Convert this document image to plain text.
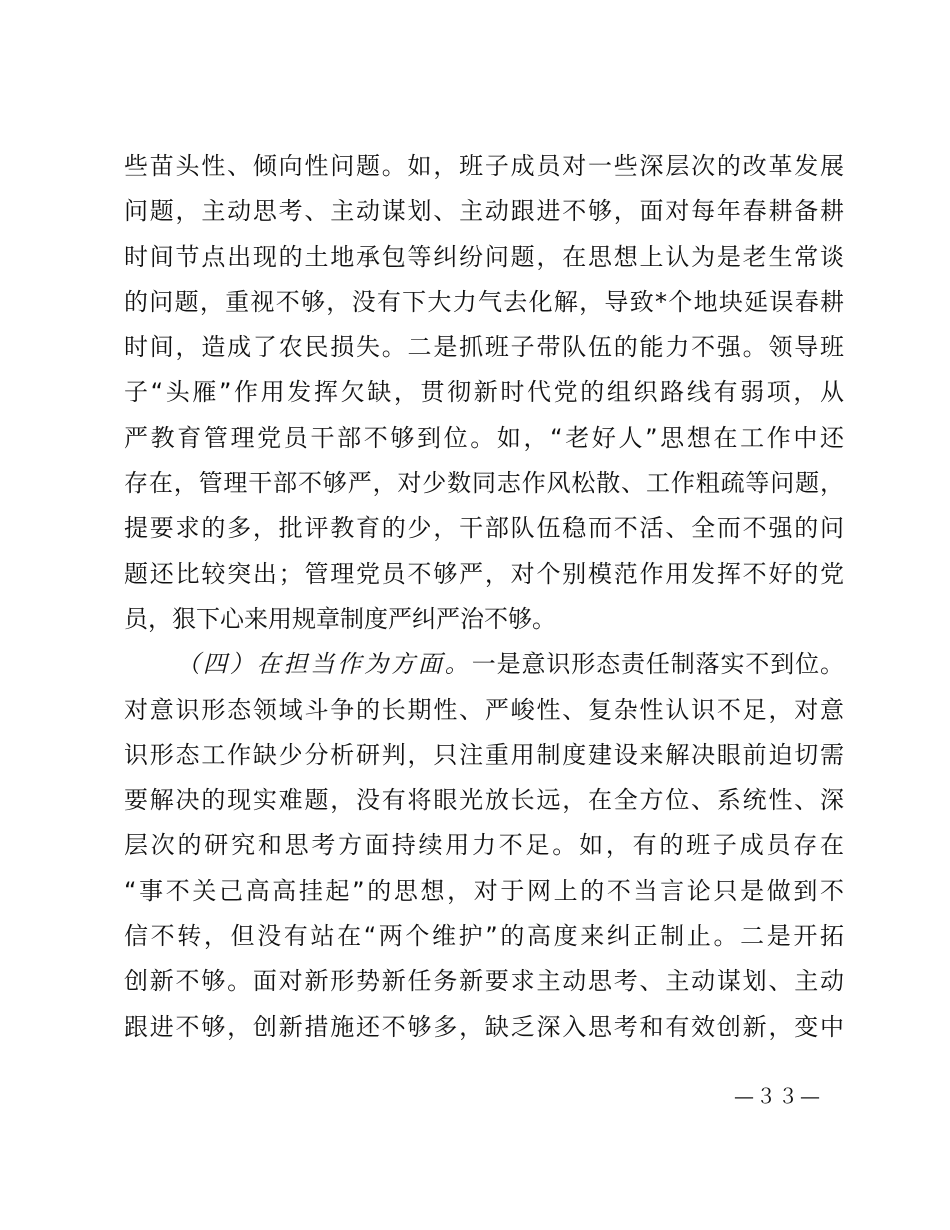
些苗头性、倾向性问题。如，班子成员对一些深层次的改革发展
问题，主动思考、主动谋划、主动跟进不够，面对每年春耕备耕
时间节点出现的土地承包等纠纷问题，在思想上认为是老生常谈
的问题，重视不够，没有下大力气去化解，导致*个地块延误春耕
时间，造成了农民损失。二是抓班子带队伍的能力不强。领导班
子“头雁”作用发挥欠缺，贯彻新时代党的组织路线有弱项，从
严教育管理党员干部不够到位。如，“老好人”思想在工作中还
存在，管理干部不够严，对少数同志作风松散、工作粗疏等问题，
提要求的多，批评教育的少，干部队伍稳而不活、全而不强的问
题还比较突出；管理党员不够严，对个别模范作用发挥不好的党
员，狠下心来用规章制度严纠严治不够。
（四）在担当作为方面。一是意识形态责任制落实不到位。
对意识形态领域斗争的长期性、严峻性、复杂性认识不足，对意
识形态工作缺少分析研判，只注重用制度建设来解决眼前迫切需
要解决的现实难题，没有将眼光放长远，在全方位、系统性、深
层次的研究和思考方面持续用力不足。如，有的班子成员存在
“事不关己高高挂起”的思想，对于网上的不当言论只是做到不
信不转，但没有站在“两个维护”的高度来纠正制止。二是开拓
创新不够。面对新形势新任务新要求主动思考、主动谋划、主动
跟进不够，创新措施还不够多，缺乏深入思考和有效创新，变中
—３３—
